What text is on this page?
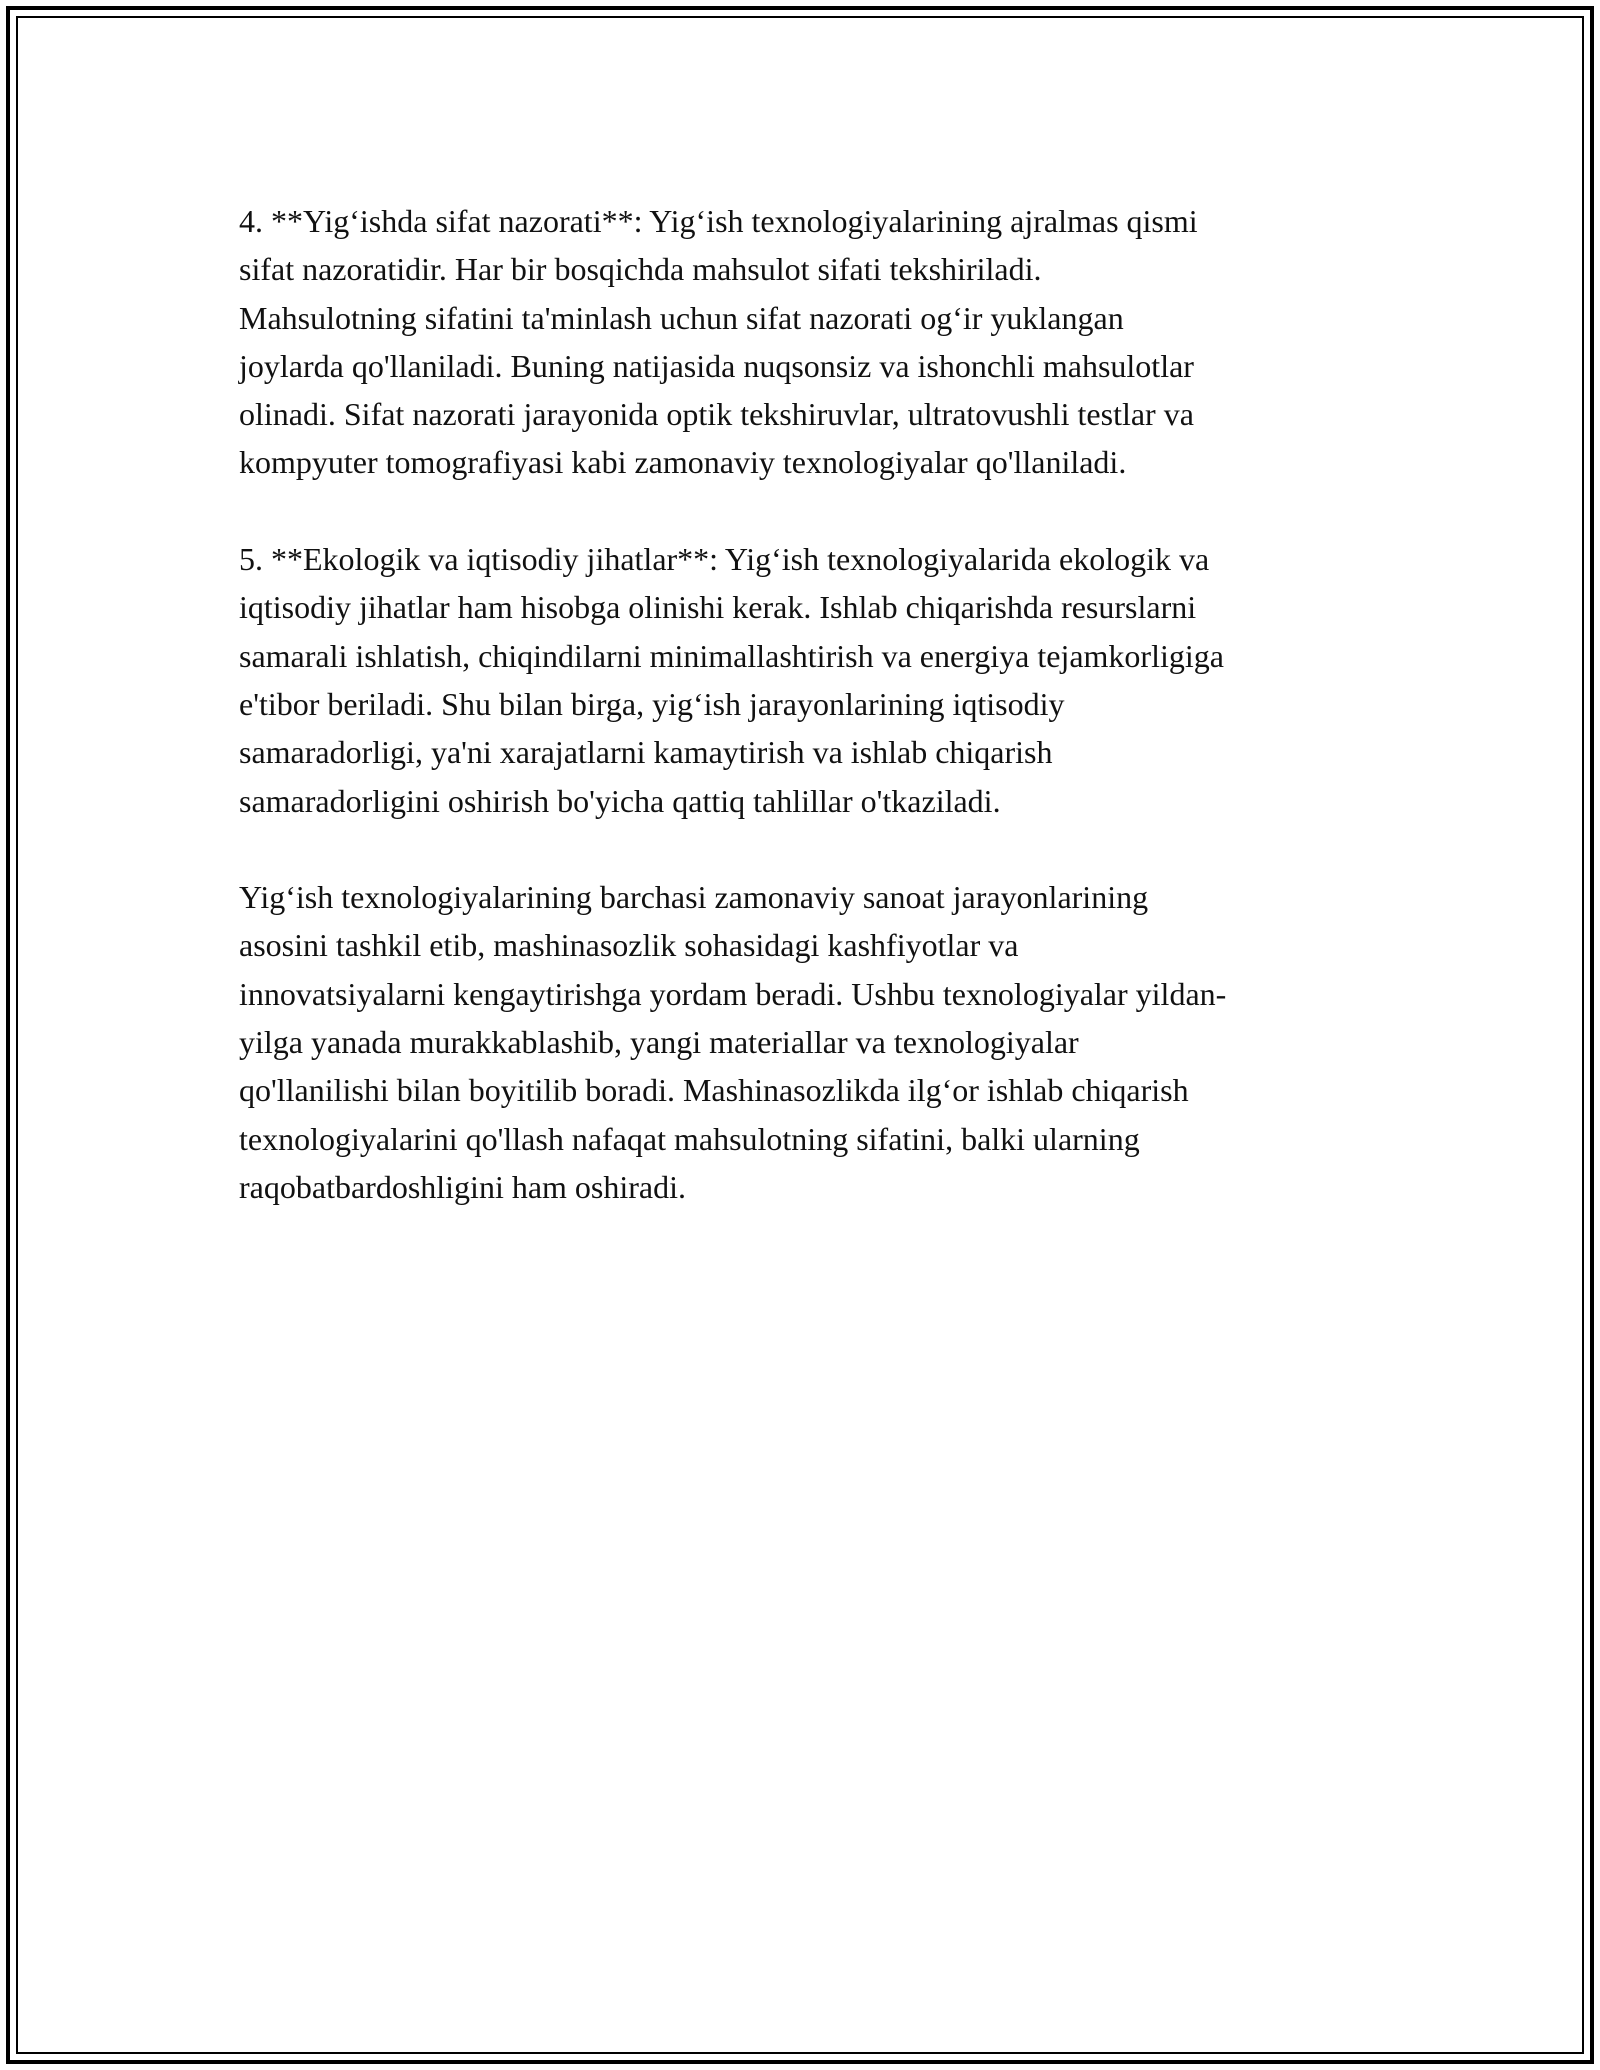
4. **Yig‘ishda sifat nazorati**: Yig‘ish texnologiyalarining ajralmas qismi
sifat nazoratidir. Har bir bosqichda mahsulot sifati tekshiriladi.
Mahsulotning sifatini ta'minlash uchun sifat nazorati og‘ir yuklangan
joylarda qo'llaniladi. Buning natijasida nuqsonsiz va ishonchli mahsulotlar
olinadi. Sifat nazorati jarayonida optik tekshiruvlar, ultratovushli testlar va
kompyuter tomografiyasi kabi zamonaviy texnologiyalar qo'llaniladi.

5. **Ekologik va iqtisodiy jihatlar**: Yig‘ish texnologiyalarida ekologik va
iqtisodiy jihatlar ham hisobga olinishi kerak. Ishlab chiqarishda resurslarni
samarali ishlatish, chiqindilarni minimallashtirish va energiya tejamkorligiga
e'tibor beriladi. Shu bilan birga, yig‘ish jarayonlarining iqtisodiy
samaradorligi, ya'ni xarajatlarni kamaytirish va ishlab chiqarish
samaradorligini oshirish bo'yicha qattiq tahlillar o'tkaziladi.

Yig‘ish texnologiyalarining barchasi zamonaviy sanoat jarayonlarining
asosini tashkil etib, mashinasozlik sohasidagi kashfiyotlar va
innovatsiyalarni kengaytirishga yordam beradi. Ushbu texnologiyalar yildan-
yilga yanada murakkablashib, yangi materiallar va texnologiyalar
qo'llanilishi bilan boyitilib boradi. Mashinasozlikda ilg‘or ishlab chiqarish
texnologiyalarini qo'llash nafaqat mahsulotning sifatini, balki ularning
raqobatbardoshligini ham oshiradi.
